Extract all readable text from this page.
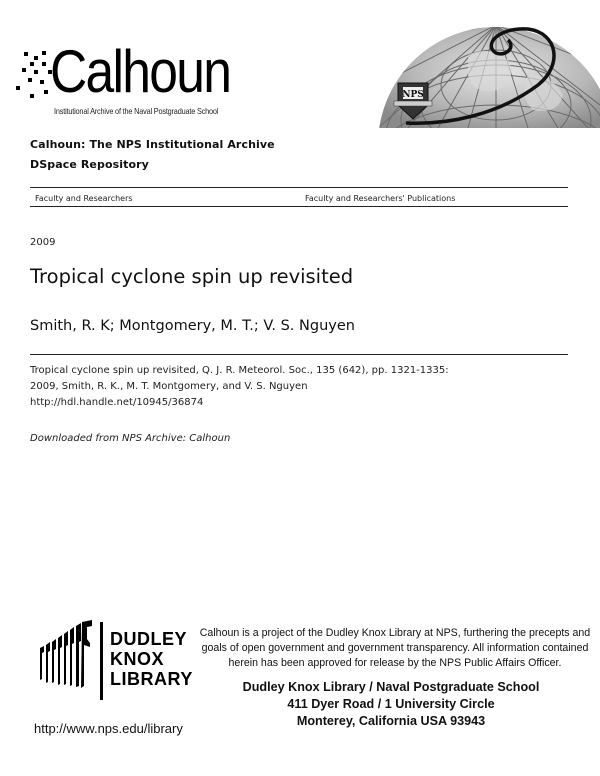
Calhoun
Institutional Archive of the Naval Postgraduate School
NPS
Calhoun: The NPS Institutional Archive
DSpace Repository
Faculty and Researchers	Faculty and Researchers' Publications
2009
Tropical cyclone spin up revisited
Smith, R. K; Montgomery, M. T.; V. S. Nguyen
Tropical cyclone spin up revisited, Q. J. R. Meteorol. Soc., 135 (642), pp. 1321-1335:
2009, Smith, R. K., M. T. Montgomery, and V. S. Nguyen
http://hdl.handle.net/10945/36874
Downloaded from NPS Archive: Calhoun
DUDLEY
KNOX
LIBRARY
http://www.nps.edu/library
Calhoun is a project of the Dudley Knox Library at NPS, furthering the precepts and
goals of open government and government transparency. All information contained
herein has been approved for release by the NPS Public Affairs Officer.
Dudley Knox Library / Naval Postgraduate School
411 Dyer Road / 1 University Circle
Monterey, California USA 93943
